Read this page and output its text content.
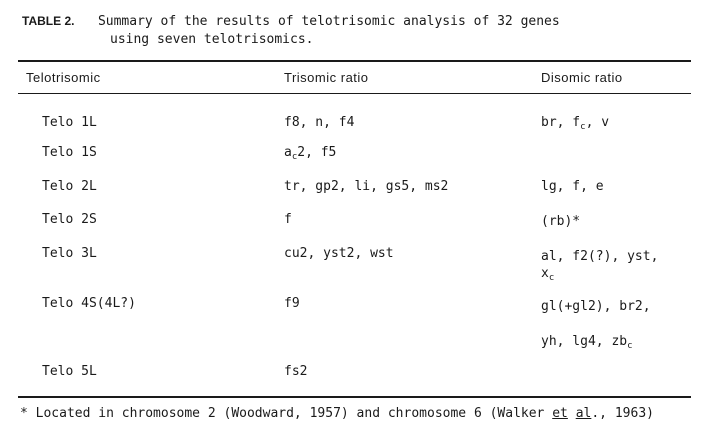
TABLE 2. Summary of the results of telotrisomic analysis of 32 genes
using seven telotrisomics.
Telotrisomic	Trisomic ratio	Disomic ratio
Telo 1L	f8, n, f4	br, $f_c$, v
Telo 1S	$a_c2$, f5
Telo 2L	tr, gp2, li, gs5, ms2	lg, f, e
Telo 2S	f	(rb)*
Telo 3L	cu2, yst2, wst	al, f2(?), yst,
$x_c$
Telo 4S(4L?)	f9	gl(+gl2), br2,
yh, lg4, $zb_c$
Telo 5L	fs2
* Located in chromosome 2 (Woodward, 1957) and chromosome 6 (Walker et al., 1963)
